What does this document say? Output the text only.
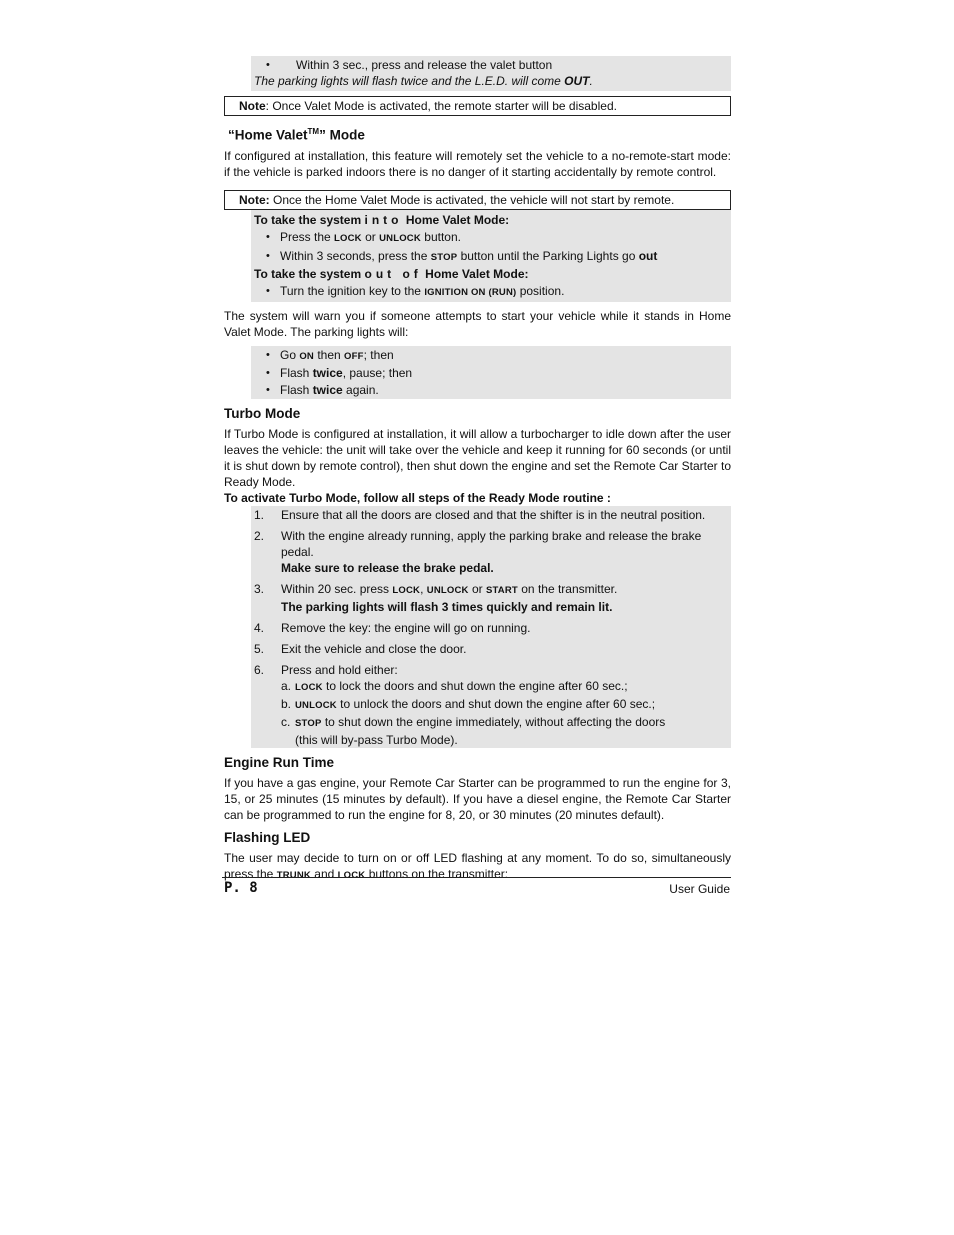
• Within 3 sec., press and release the valet button
The parking lights will flash twice and the L.E.D. will come OUT.
Note: Once Valet Mode is activated, the remote starter will be disabled.
“Home Valet™” Mode
If configured at installation, this feature will remotely set the vehicle to a no-remote-start mode: if the vehicle is parked indoors there is no danger of it starting accidentally by remote control.
Note: Once the Home Valet Mode is activated, the vehicle will not start by remote.
To take the system into Home Valet Mode:
• Press the LOCK or UNLOCK button.
• Within 3 seconds, press the STOP button until the Parking Lights go out
To take the system out of Home Valet Mode:
• Turn the ignition key to the IGNITION ON (RUN) position.
The system will warn you if someone attempts to start your vehicle while it stands in Home Valet Mode. The parking lights will:
• Go ON then OFF; then
• Flash twice, pause; then
• Flash twice again.
Turbo Mode
If Turbo Mode is configured at installation, it will allow a turbocharger to idle down after the user leaves the vehicle: the unit will take over the vehicle and keep it running for 60 seconds (or until it is shut down by remote control), then shut down the engine and set the Remote Car Starter to Ready Mode.
To activate Turbo Mode, follow all steps of the Ready Mode routine :
1.	Ensure that all the doors are closed and that the shifter is in the neutral position.
2.	With the engine already running, apply the parking brake and release the brake pedal.
Make sure to release the brake pedal.
3.	Within 20 sec. press LOCK, UNLOCK or START on the transmitter.
The parking lights will flash 3 times quickly and remain lit.
4.	Remove the key: the engine will go on running.
5.	Exit the vehicle and close the door.
6.	Press and hold either:
a. LOCK to lock the doors and shut down the engine after 60 sec.;
b. UNLOCK to unlock the doors and shut down the engine after 60 sec.;
c. STOP to shut down the engine immediately, without affecting the doors
(this will by-pass Turbo Mode).
Engine Run Time
If you have a gas engine, your Remote Car Starter can be programmed to run the engine for 3, 15, or 25 minutes (15 minutes by default). If you have a diesel engine, the Remote Car Starter can be programmed to run the engine for 8, 20, or 30 minutes (20 minutes default).
Flashing LED
The user may decide to turn on or off LED flashing at any moment. To do so, simultaneously press the TRUNK and LOCK buttons on the transmitter:
P. 8	User Guide
